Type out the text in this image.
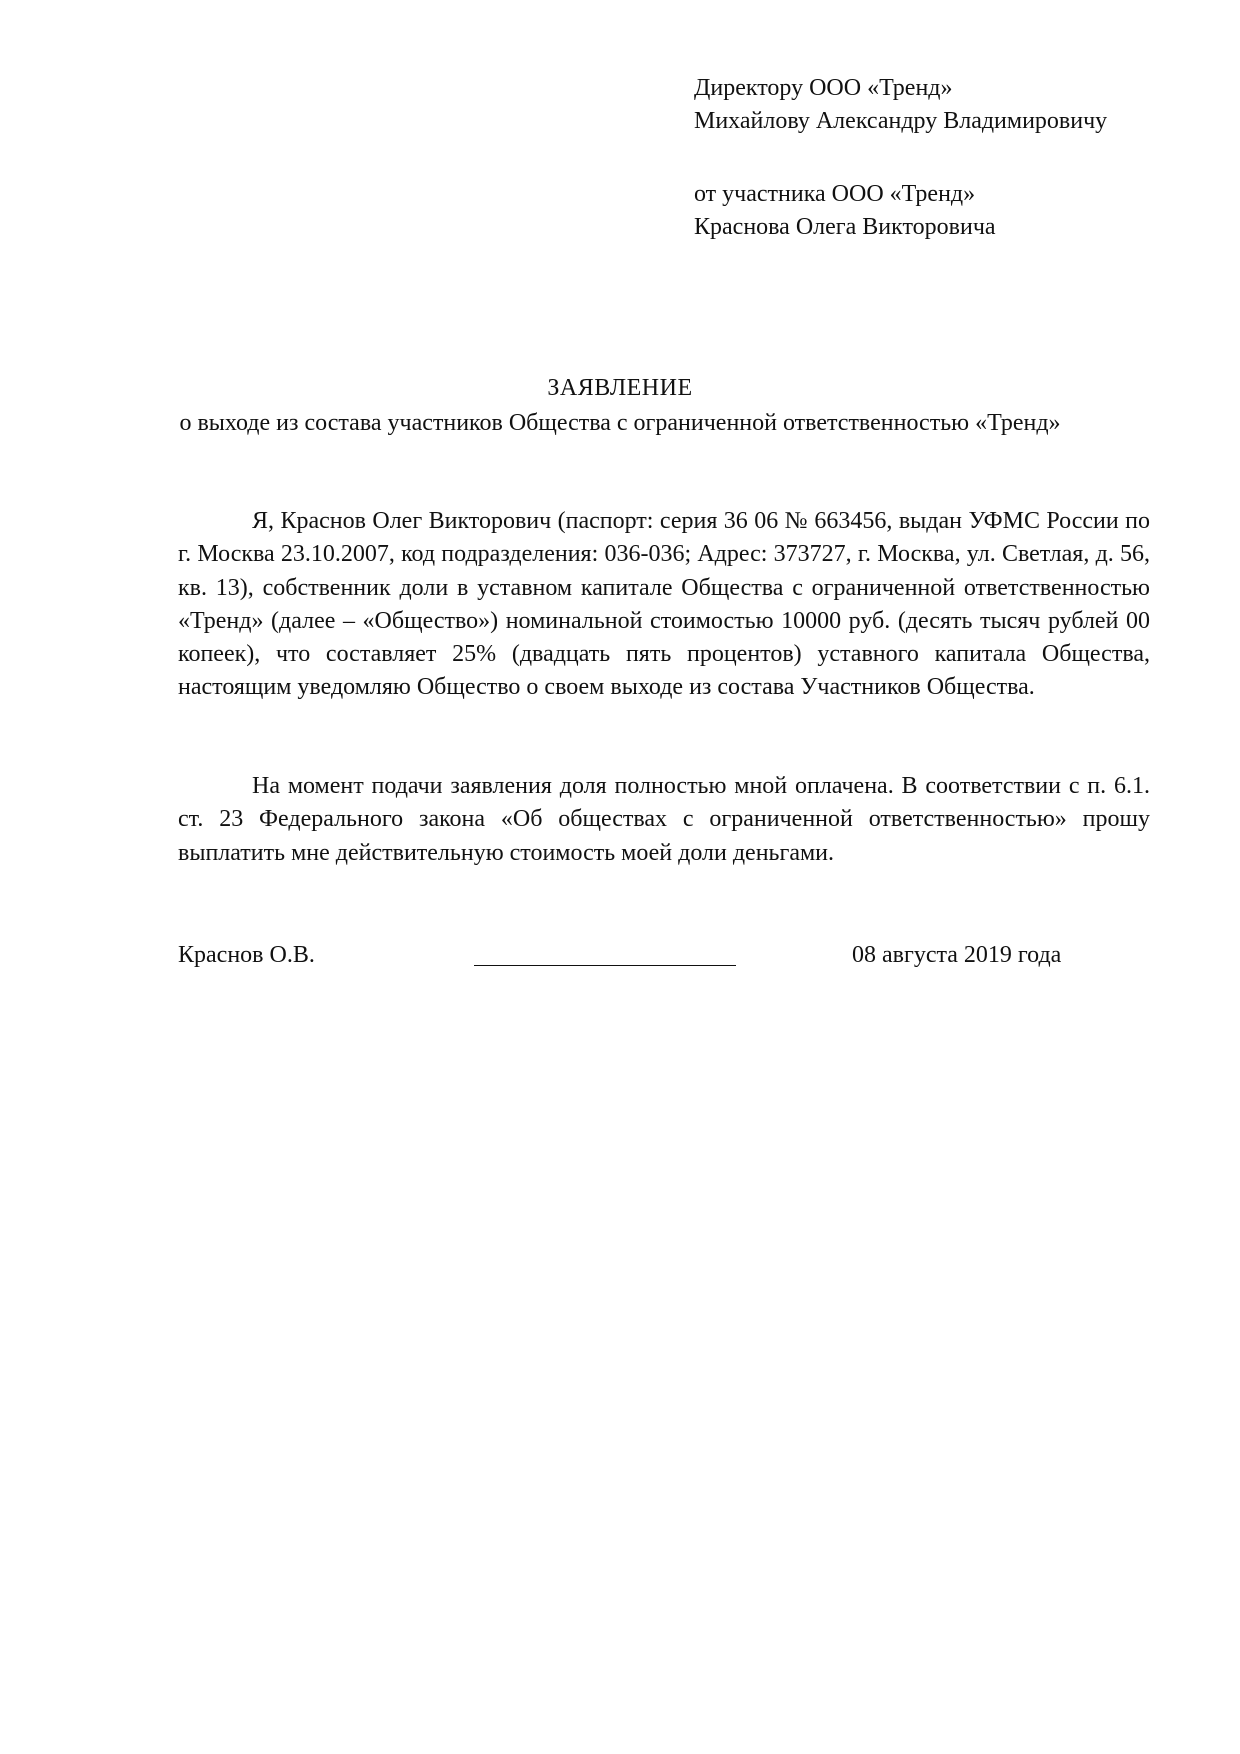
Директору ООО «Тренд»
Михайлову Александру Владимировичу
от участника ООО «Тренд»
Краснова Олега Викторовича
ЗАЯВЛЕНИЕ
о выходе из состава участников Общества с ограниченной ответственностью «Тренд»

Я, Краснов Олег Викторович (паспорт: серия 36 06 № 663456, выдан УФМС России по г. Москва 23.10.2007, код подразделения: 036-036; Адрес: 373727, г. Москва, ул. Светлая, д. 56, кв. 13), собственник доли в уставном капитале Общества с ограниченной ответственностью «Тренд» (далее – «Общество») номинальной стоимостью 10000 руб. (десять тысяч рублей 00 копеек), что составляет 25% (двадцать пять процентов) уставного капитала Общества, настоящим уведомляю Общество о своем выходе из состава Участников Общества.

На момент подачи заявления доля полностью мной оплачена. В соответствии с п. 6.1. ст. 23 Федерального закона «Об обществах с ограниченной ответственностью» прошу выплатить мне действительную стоимость моей доли деньгами.

Краснов О.В.	08 августа 2019 года
